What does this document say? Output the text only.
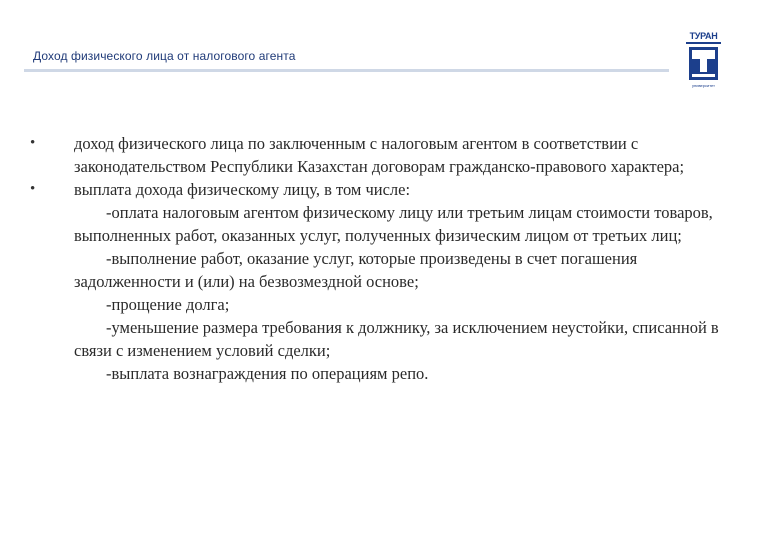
Доход физического лица от налогового агента
ТУРАН
университет
• доход физического лица по заключенным с налоговым агентом в соответствии с законодательством Республики Казахстан договорам гражданско-правового характера;
• выплата дохода физическому лицу, в том числе:
-оплата налоговым агентом физическому лицу или третьим лицам стоимости товаров, выполненных работ, оказанных услуг, полученных физическим лицом от третьих лиц;
-выполнение работ, оказание услуг, которые произведены в счет погашения задолженности и (или) на безвозмездной основе;
-прощение долга;
-уменьшение размера требования к должнику, за исключением неустойки, списанной в связи с изменением условий сделки;
-выплата вознаграждения по операциям репо.
